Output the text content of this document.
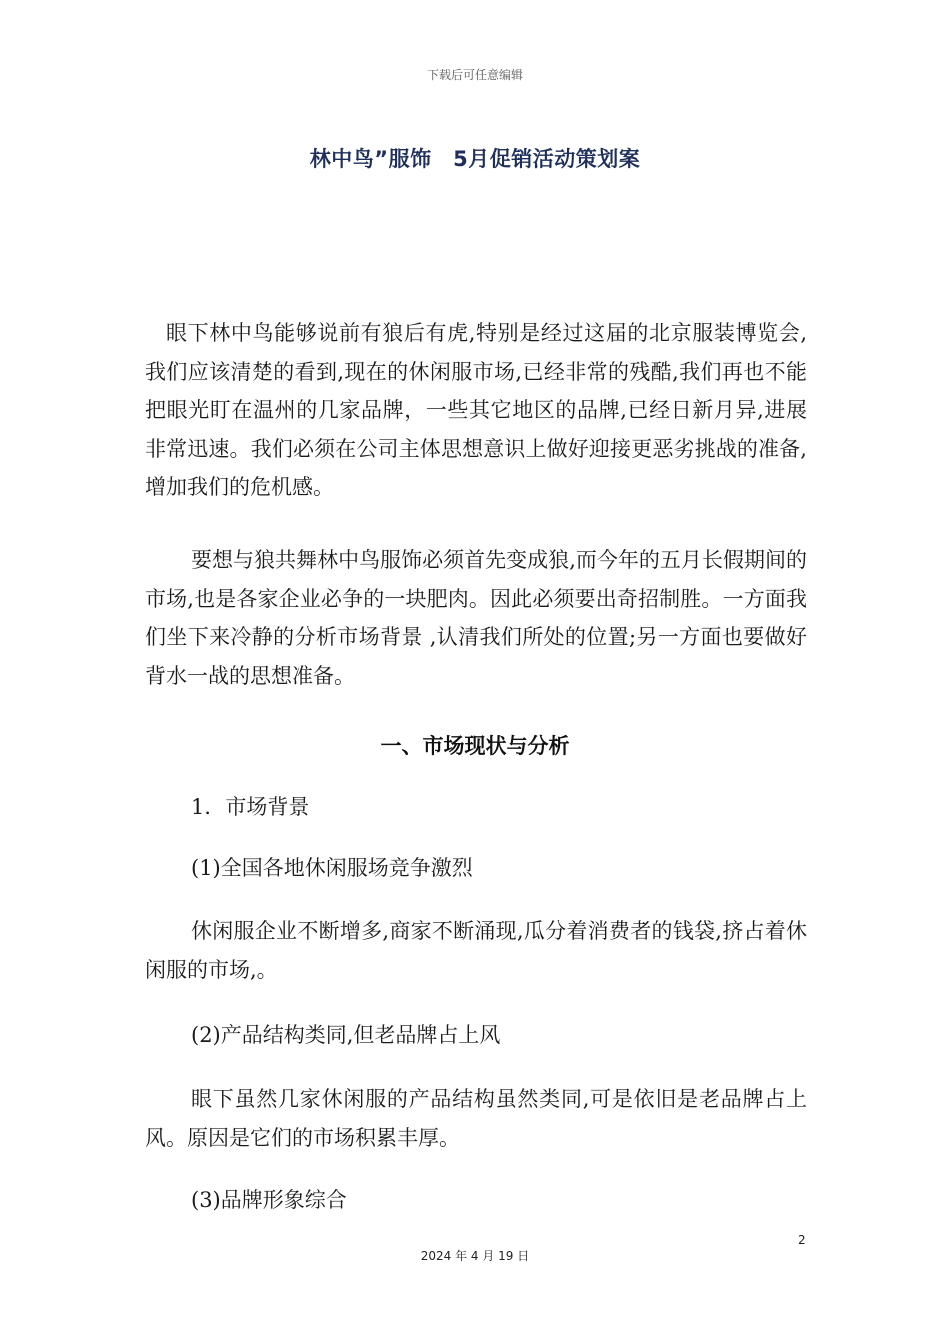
下载后可任意编辑
林中鸟”服饰　5月促销活动策划案

眼下林中鸟能够说前有狼后有虎,特别是经过这届的北京服装博览会,我们应该清楚的看到,现在的休闲服市场,已经非常的残酷,我们再也不能把眼光盯在温州的几家品牌，一些其它地区的品牌,已经日新月异,进展非常迅速。我们必须在公司主体思想意识上做好迎接更恶劣挑战的准备,增加我们的危机感。

要想与狼共舞林中鸟服饰必须首先变成狼,而今年的五月长假期间的市场,也是各家企业必争的一块肥肉。因此必须要出奇招制胜。一方面我们坐下来冷静的分析市场背景 ,认清我们所处的位置;另一方面也要做好背水一战的思想准备。

一、市场现状与分析

1．市场背景

(1)全国各地休闲服场竞争激烈

休闲服企业不断增多,商家不断涌现,瓜分着消费者的钱袋,挤占着休闲服的市场,。

(2)产品结构类同,但老品牌占上风

眼下虽然几家休闲服的产品结构虽然类同,可是依旧是老品牌占上风。原因是它们的市场积累丰厚。

(3)品牌形象综合

2
2024 年 4 月 19 日
